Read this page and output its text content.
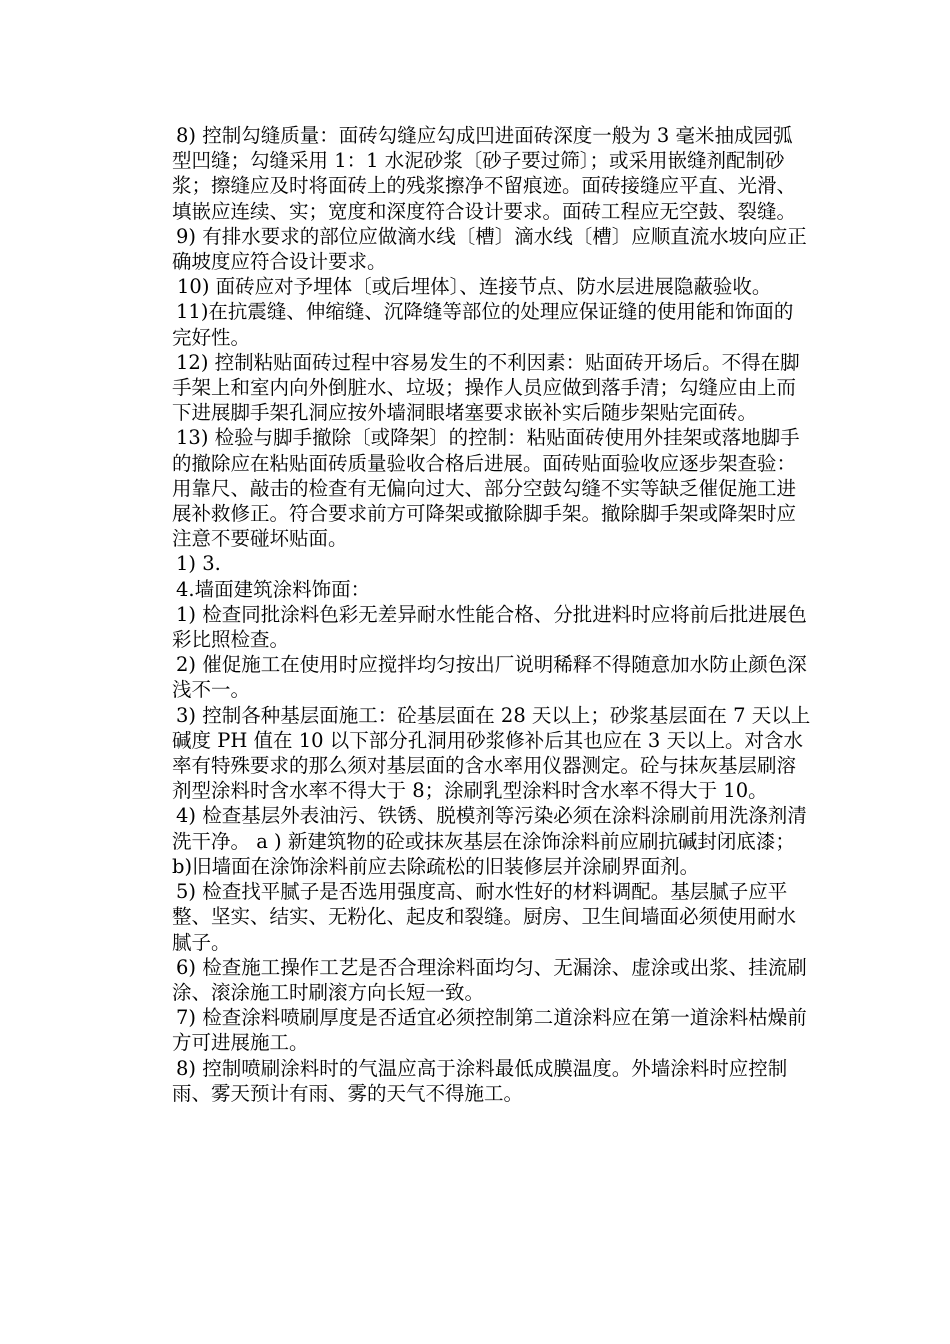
8) 控制勾缝质量：面砖勾缝应勾成凹进面砖深度一般为 3 毫米抽成园弧型凹缝；勾缝采用 1：1 水泥砂浆〔砂子要过筛〕；或采用嵌缝剂配制砂浆；擦缝应及时将面砖上的残浆擦净不留痕迹。面砖接缝应平直、光滑、填嵌应连续、实；宽度和深度符合设计要求。面砖工程应无空鼓、裂缝。

9) 有排水要求的部位应做滴水线〔槽〕滴水线〔槽〕应顺直流水坡向应正确坡度应符合设计要求。

10) 面砖应对予埋体〔或后埋体〕、连接节点、防水层进展隐蔽验收。

11)在抗震缝、伸缩缝、沉降缝等部位的处理应保证缝的使用能和饰面的完好性。

12) 控制粘贴面砖过程中容易发生的不利因素：贴面砖开场后。不得在脚手架上和室内向外倒脏水、垃圾；操作人员应做到落手清；勾缝应由上而下进展脚手架孔洞应按外墙洞眼堵塞要求嵌补实后随步架贴完面砖。

13) 检验与脚手撤除〔或降架〕的控制：粘贴面砖使用外挂架或落地脚手的撤除应在粘贴面砖质量验收合格后进展。面砖贴面验收应逐步架查验：用靠尺、敲击的检查有无偏向过大、部分空鼓勾缝不实等缺乏催促施工进展补救修正。符合要求前方可降架或撤除脚手架。撤除脚手架或降架时应注意不要碰坏贴面。

1) 3.

4.墙面建筑涂料饰面：

1) 检查同批涂料色彩无差异耐水性能合格、分批进料时应将前后批进展色彩比照检查。

2) 催促施工在使用时应搅拌均匀按出厂说明稀释不得随意加水防止颜色深浅不一。

3) 控制各种基层面施工：砼基层面在 28 天以上；砂浆基层面在 7 天以上碱度 PH 值在 10 以下部分孔洞用砂浆修补后其也应在 3 天以上。对含水率有特殊要求的那么须对基层面的含水率用仪器测定。砼与抹灰基层刷溶剂型涂料时含水率不得大于 8；涂刷乳型涂料时含水率不得大于 10。

4) 检查基层外表油污、铁锈、脱模剂等污染必须在涂料涂刷前用洗涤剂清洗干净。 a ) 新建筑物的砼或抹灰基层在涂饰涂料前应刷抗碱封闭底漆；b)旧墙面在涂饰涂料前应去除疏松的旧装修层并涂刷界面剂。

5) 检查找平腻子是否选用强度高、耐水性好的材料调配。基层腻子应平整、坚实、结实、无粉化、起皮和裂缝。厨房、卫生间墙面必须使用耐水腻子。

6) 检查施工操作工艺是否合理涂料面均匀、无漏涂、虚涂或出浆、挂流刷涂、滚涂施工时刷滚方向长短一致。

7) 检查涂料喷刷厚度是否适宜必须控制第二道涂料应在第一道涂料枯燥前方可进展施工。

8) 控制喷刷涂料时的气温应高于涂料最低成膜温度。外墙涂料时应控制雨、雾天预计有雨、雾的天气不得施工。
